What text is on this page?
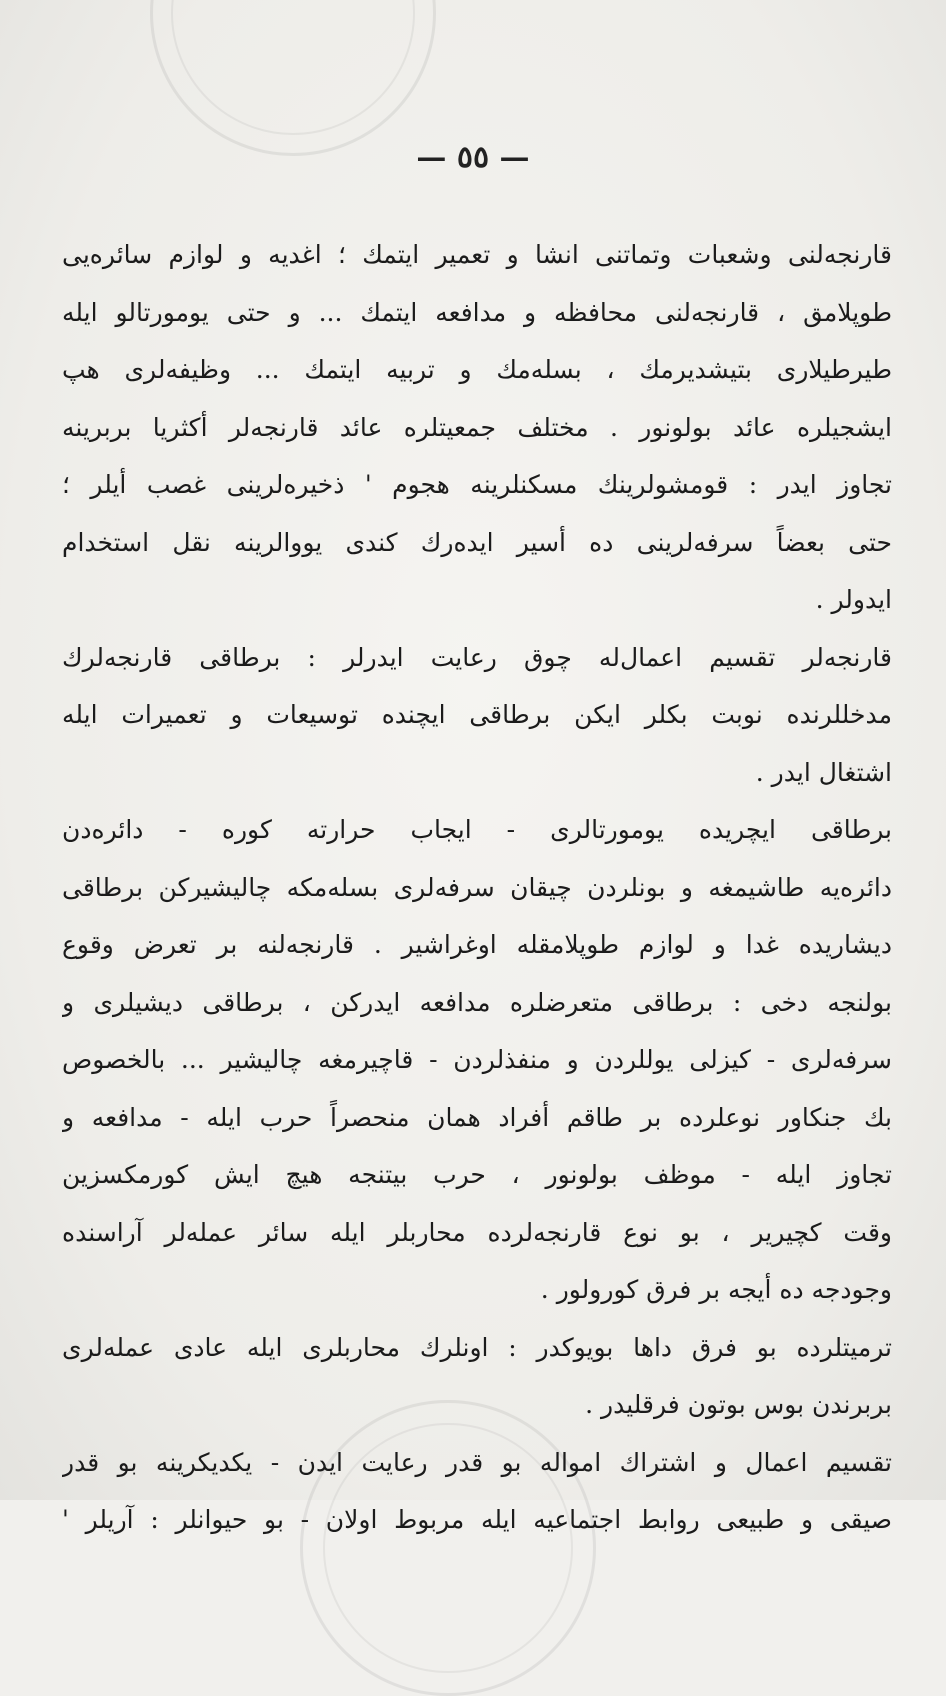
— ٥٥ —
قارنجه‌لنی وشعبات وتماتنی انشا و تعمیر ایتمك ؛ اغدیه و لوازم سائره‌یی
طوپلامق ، قارنجه‌لنی محافظه و مدافعه ایتمك ... و حتی یومورتالو ایله
طیرطیلاری بتیشدیرمك ، بسله‌مك و تربیه ایتمك ... وظیفه‌لری هپ
ایشجیلره عائد بولونور . مختلف جمعیتلره عائد قارنجه‌لر أکثریا بربرینه
تجاوز ایدر : قومشولرینك مسکنلرینه هجوم ' ذخیره‌لرینی غصب أیلر ؛
حتی بعضاً سرفه‌لرینی ده أسیر ایده‌رك کندی یووالرینه نقل استخدام
ایدولر .
قارنجه‌لر تقسیم اعمال‌له چوق رعایت ایدرلر : برطاقی قارنجه‌لرك
مدخللرنده نوبت بکلر ایکن برطاقی ایچنده توسیعات و تعمیرات ایله
اشتغال ایدر .
برطاقی ایچریده یومورتالری - ایجاب حرارته کوره - دائره‌دن
دائره‌یه طاشیمغه و بونلردن چیقان سرفه‌لری بسله‌مکه چالیشیرکن برطاقی
دیشاریده غدا و لوازم طوپلامقله اوغراشیر . قارنجه‌لنه بر تعرض وقوع
بولنجه دخی : برطاقی متعرضلره مدافعه ایدرکن ، برطاقی دیشیلری و
سرفه‌لری - کیزلی یوللردن و منفذلردن - قاچیرمغه چالیشیر ... بالخصوص
بك جنکاور نوعلرده بر طاقم أفراد همان منحصراً حرب ایله - مدافعه و
تجاوز ایله - موظف بولونور ، حرب بیتنجه هیچ ایش کورمکسزین
وقت کچیریر ، بو نوع قارنجه‌لرده محاربلر ایله سائر عمله‌لر آراسنده
وجودجه ده أیجه بر فرق کورولور .
ترمیتلرده بو فرق داها بویوکدر : اونلرك محاربلری ایله عادی عمله‌لری
بربرندن بوس بوتون فرقلیدر .
تقسیم اعمال و اشتراك امواله بو قدر رعایت ایدن - یکدیکرینه بو قدر
صیقی و طبیعی روابط اجتماعیه ایله مربوط اولان - بو حیوانلر : آریلر '
